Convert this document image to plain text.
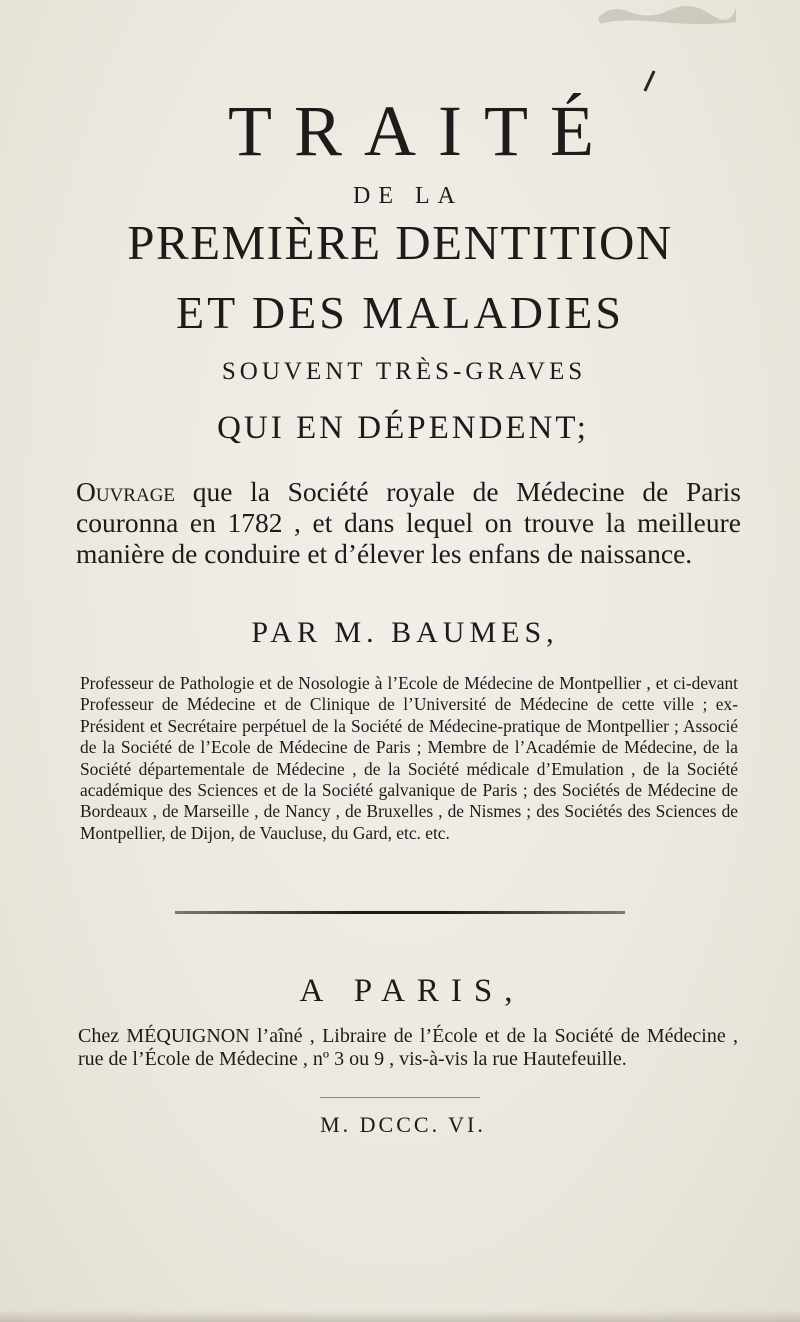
TRAITÉ
DE LA
PREMIÈRE DENTITION
ET DES MALADIES
SOUVENT TRÈS-GRAVES
QUI EN DÉPENDENT;
Ouvrage que la Société royale de Médecine de Paris couronna en 1782 , et dans lequel on trouve la meilleure manière de conduire et d’élever les enfans de naissance.
PAR M. BAUMES,
Professeur de Pathologie et de Nosologie à l’Ecole de Médecine de Montpellier , et ci-devant Professeur de Médecine et de Clinique de l’Université de Médecine de cette ville ; ex-Président et Secrétaire perpétuel de la Société de Médecine-pratique de Montpellier ; Associé de la Société de l’Ecole de Médecine de Paris ; Membre de l’Académie de Médecine, de la Société départementale de Médecine , de la Société médicale d’Emulation , de la Société académique des Sciences et de la Société galvanique de Paris ; des Sociétés de Médecine de Bordeaux , de Marseille , de Nancy , de Bruxelles , de Nismes ; des Sociétés des Sciences de Montpellier, de Dijon, de Vaucluse, du Gard, etc. etc.
A PARIS,
Chez MÉQUIGNON l’aîné , Libraire de l’École et de la Société de Médecine , rue de l’École de Médecine , nº 3 ou 9 , vis-à-vis la rue Hautefeuille.
M. DCCC. VI.
